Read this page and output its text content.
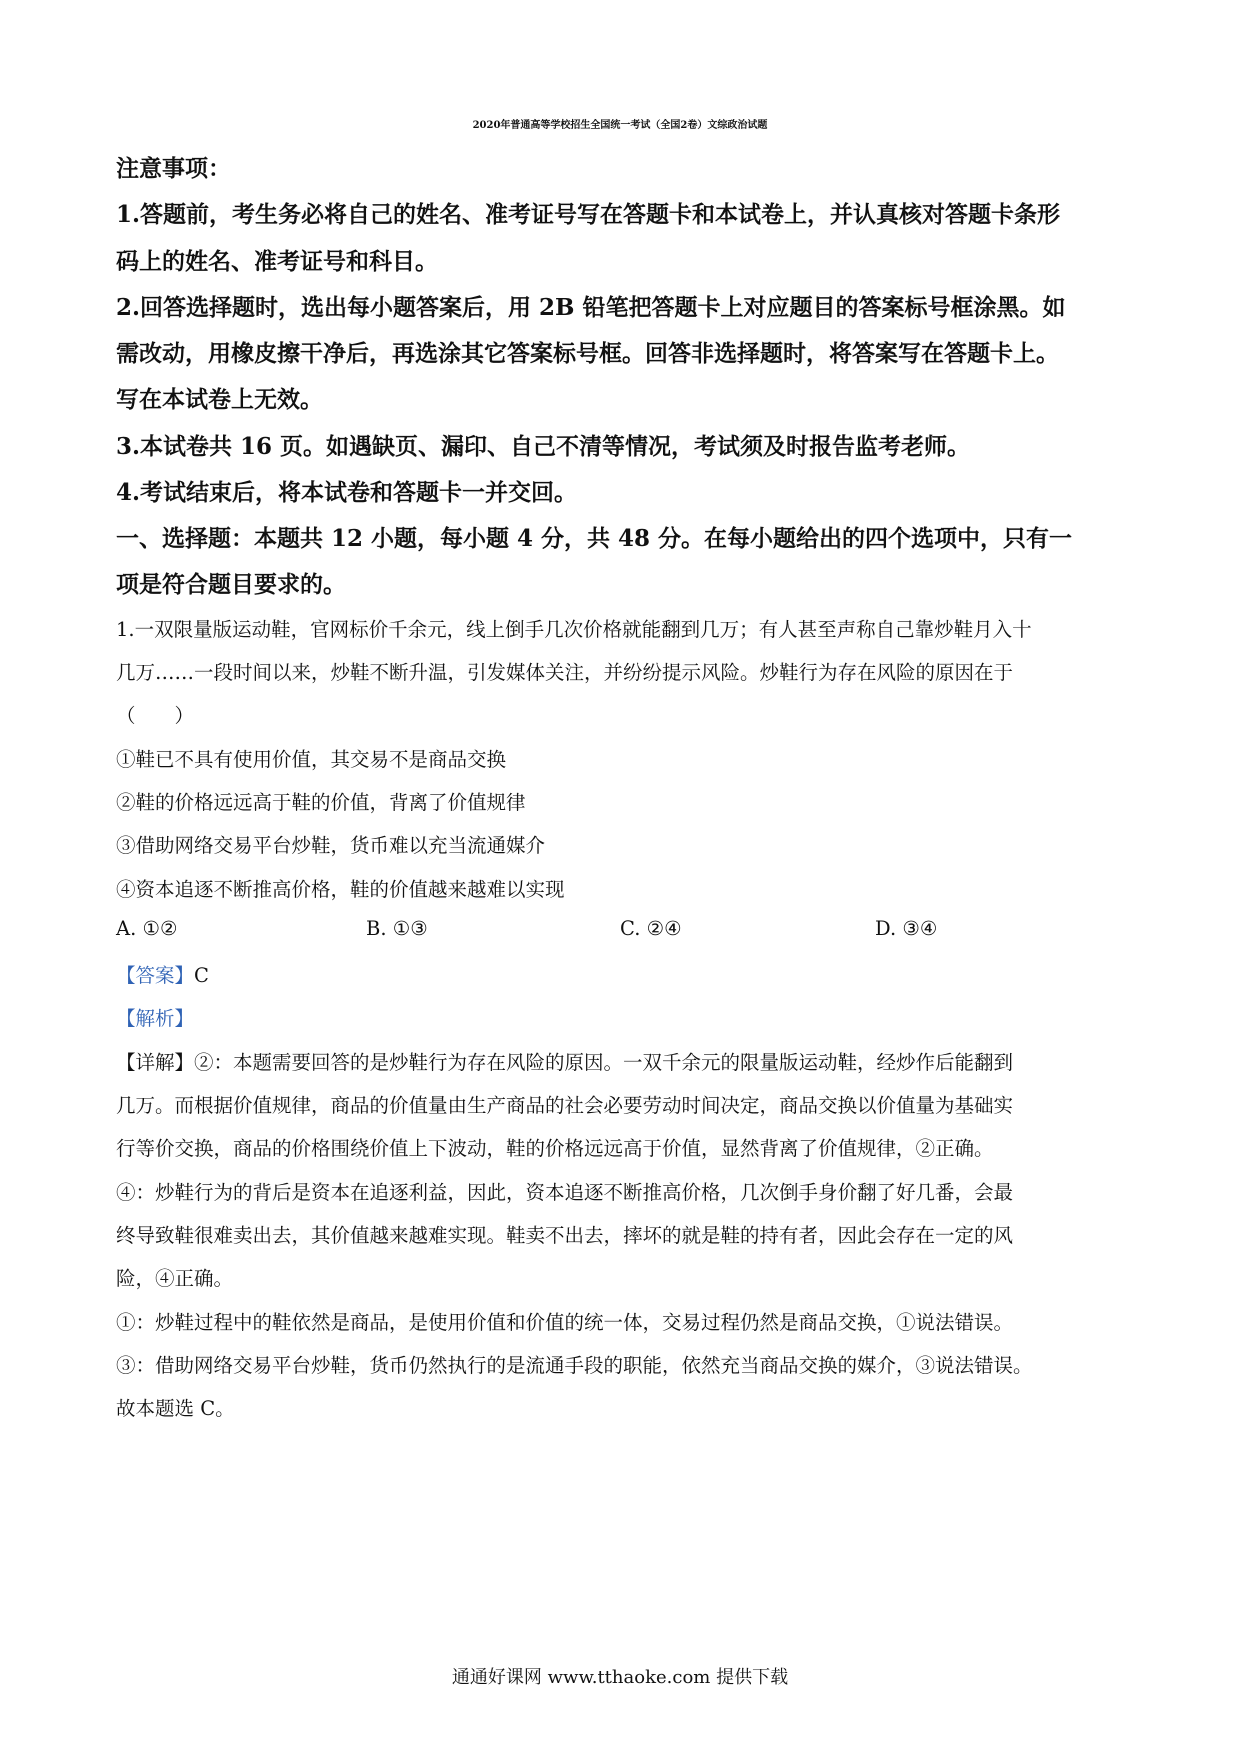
2020年普通高等学校招生全国统一考试（全国2卷）文综政治试题
注意事项：
1.答题前，考生务必将自己的姓名、准考证号写在答题卡和本试卷上，并认真核对答题卡条形
码上的姓名、准考证号和科目。
2.回答选择题时，选出每小题答案后，用 2B 铅笔把答题卡上对应题目的答案标号框涂黑。如
需改动，用橡皮擦干净后，再选涂其它答案标号框。回答非选择题时，将答案写在答题卡上。
写在本试卷上无效。
3.本试卷共 16 页。如遇缺页、漏印、自己不清等情况，考试须及时报告监考老师。
4.考试结束后，将本试卷和答题卡一并交回。
一、选择题：本题共 12 小题，每小题 4 分，共 48 分。在每小题给出的四个选项中，只有一
项是符合题目要求的。
1.一双限量版运动鞋，官网标价千余元，线上倒手几次价格就能翻到几万；有人甚至声称自己靠炒鞋月入十
几万……一段时间以来，炒鞋不断升温，引发媒体关注，并纷纷提示风险。炒鞋行为存在风险的原因在于
（　　）
①鞋已不具有使用价值，其交易不是商品交换
②鞋的价格远远高于鞋的价值，背离了价值规律
③借助网络交易平台炒鞋，货币难以充当流通媒介
④资本追逐不断推高价格，鞋的价值越来越难以实现
A. ①②	B. ①③	C. ②④	D. ③④
【答案】C
【解析】
【详解】②：本题需要回答的是炒鞋行为存在风险的原因。一双千余元的限量版运动鞋，经炒作后能翻到
几万。而根据价值规律，商品的价值量由生产商品的社会必要劳动时间决定，商品交换以价值量为基础实
行等价交换，商品的价格围绕价值上下波动，鞋的价格远远高于价值，显然背离了价值规律，②正确。
④：炒鞋行为的背后是资本在追逐利益，因此，资本追逐不断推高价格，几次倒手身价翻了好几番，会最
终导致鞋很难卖出去，其价值越来越难实现。鞋卖不出去，摔坏的就是鞋的持有者，因此会存在一定的风
险，④正确。
①：炒鞋过程中的鞋依然是商品，是使用价值和价值的统一体，交易过程仍然是商品交换，①说法错误。
③：借助网络交易平台炒鞋，货币仍然执行的是流通手段的职能，依然充当商品交换的媒介，③说法错误。
故本题选 C。
通通好课网 www.tthaoke.com 提供下载
